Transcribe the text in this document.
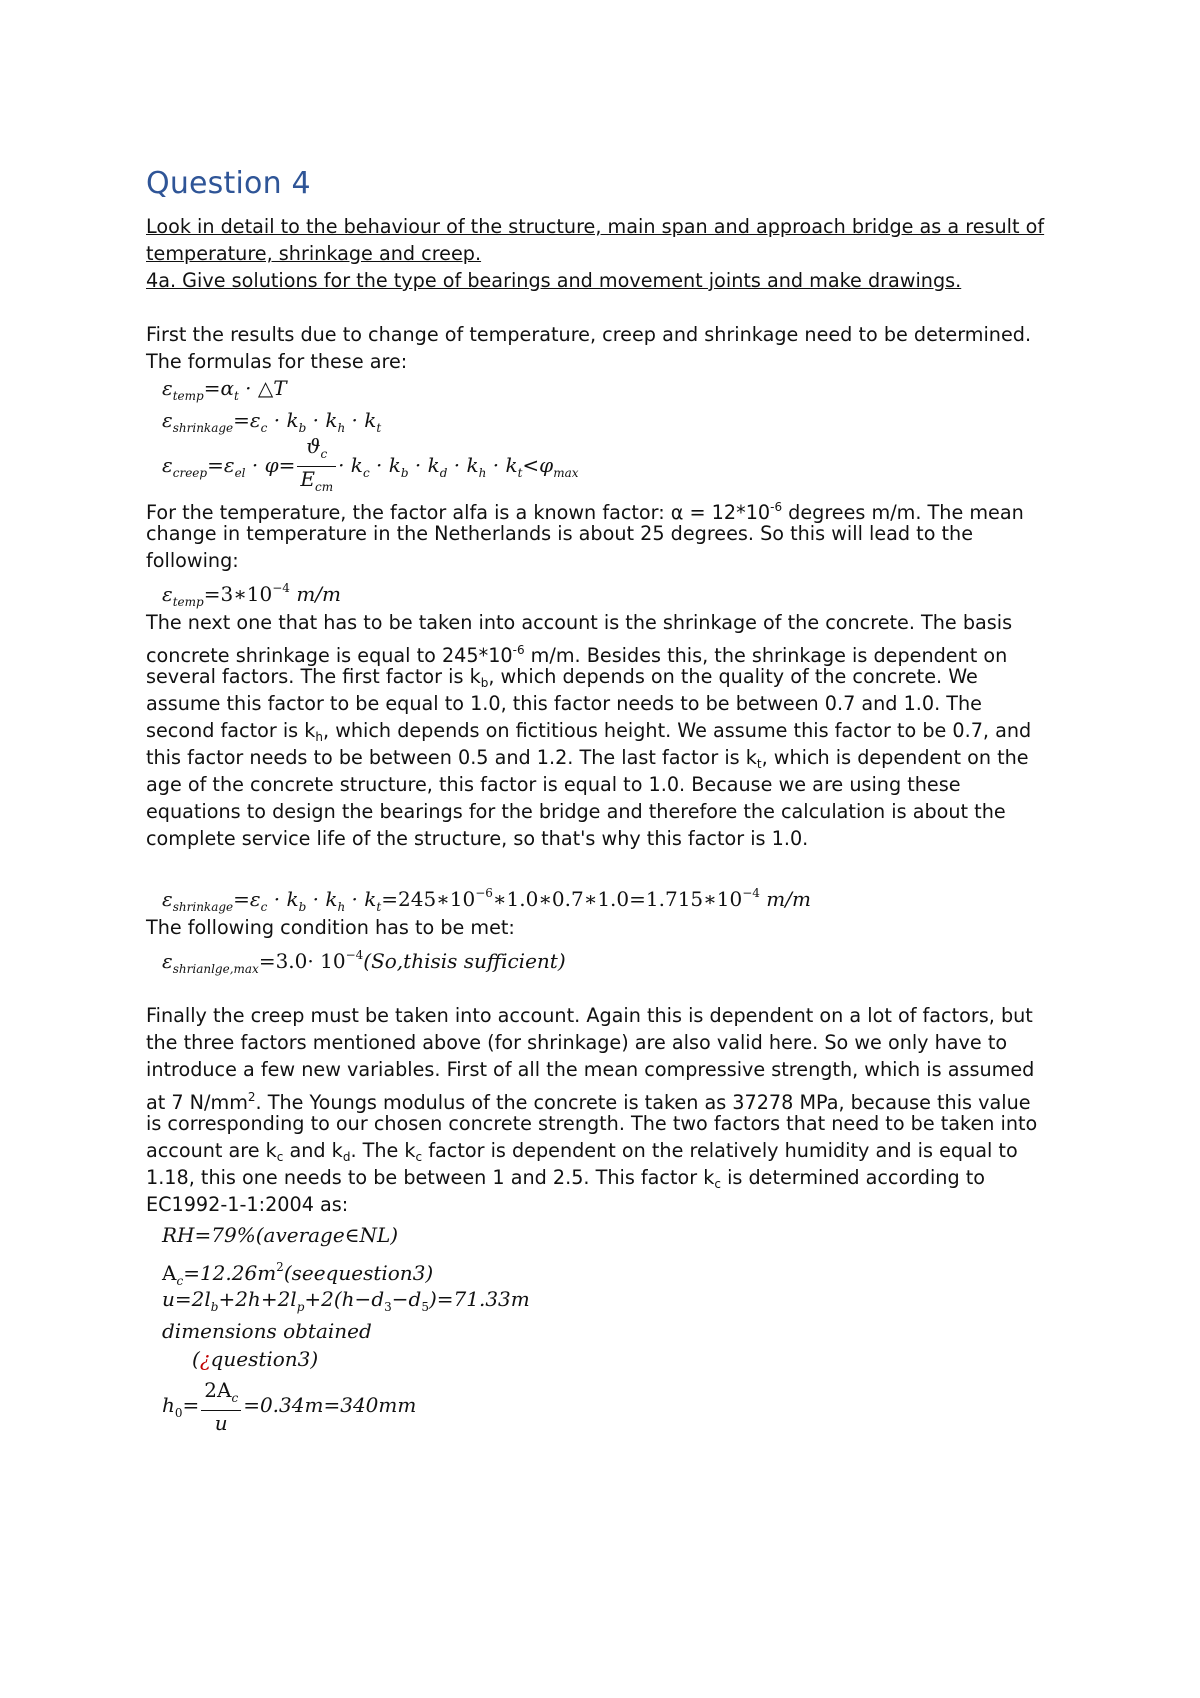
Question 4
Look in detail to the behaviour of the structure, main span and approach bridge as a result of
temperature, shrinkage and creep.
4a. Give solutions for the type of bearings and movement joints and make drawings.
First the results due to change of temperature, creep and shrinkage need to be determined.
The formulas for these are:
$\varepsilon_{temp}=\alpha_t$ · △T
$\varepsilon_{shrinkage}=\varepsilon_c \cdot k_b \cdot k_h \cdot k_t$
$\varepsilon_{creep}=\varepsilon_{el} \cdot \varphi= \frac{ϑ_c}{E_{cm}} \cdot k_c \cdot k_b \cdot k_d \cdot k_h \cdot k_t<\varphi_{max}$
For the temperature, the factor alfa is a known factor: $\alpha = 12*10^{-6}$ degrees m/m. The mean
change in temperature in the Netherlands is about 25 degrees. So this will lead to the
following:
$\varepsilon_{temp}=3∗10^{-4}$ m/m
The next one that has to be taken into account is the shrinkage of the concrete. The basis
concrete shrinkage is equal to $245*10^{-6}$ m/m. Besides this, the shrinkage is dependent on
several factors. The first factor is $k_b$, which depends on the quality of the concrete. We
assume this factor to be equal to 1.0, this factor needs to be between 0.7 and 1.0. The
second factor is $k_h$, which depends on fictitious height. We assume this factor to be 0.7, and
this factor needs to be between 0.5 and 1.2. The last factor is $k_t$, which is dependent on the
age of the concrete structure, this factor is equal to 1.0. Because we are using these
equations to design the bearings for the bridge and therefore the calculation is about the
complete service life of the structure, so that's why this factor is 1.0.
$\varepsilon_{shrinkage}=\varepsilon_c \cdot k_b \cdot k_h$ · $k_t=245∗10^{-6}∗1.0∗0.7∗1.0=1.715∗10^{-4}$ m/m
The following condition has to be met:
$\varepsilon_{shrianlge,max}=3.0\cdot$ $10^{-4}(So,thisis$ sufficient)
Finally the creep must be taken into account. Again this is dependent on a lot of factors, but
the three factors mentioned above (for shrinkage) are also valid here. So we only have to
introduce a few new variables. First of all the mean compressive strength, which is assumed
at 7 $N/mm^2$. The Youngs modulus of the concrete is taken as 37278 MPa, because this value
is corresponding to our chosen concrete strength. The two factors that need to be taken into
account are $k_c$ and $k_d$. The $k_c$ factor is dependent on the relatively humidity and is equal to
1.18, this one needs to be between 1 and 2.5. This factor $k_c$ is determined according to
EC1992-1-1:2004 as:
RH=79%(average∈NL)
$A_c=12.26m^2(seequestion3)$
$u=2l_b+2h+2l_p+2(h-d_3-d_5)=71.33m$
dimensions obtained
(¿question3)
$h_0= \frac{2A_c}{u} =0.34m=340mm$
